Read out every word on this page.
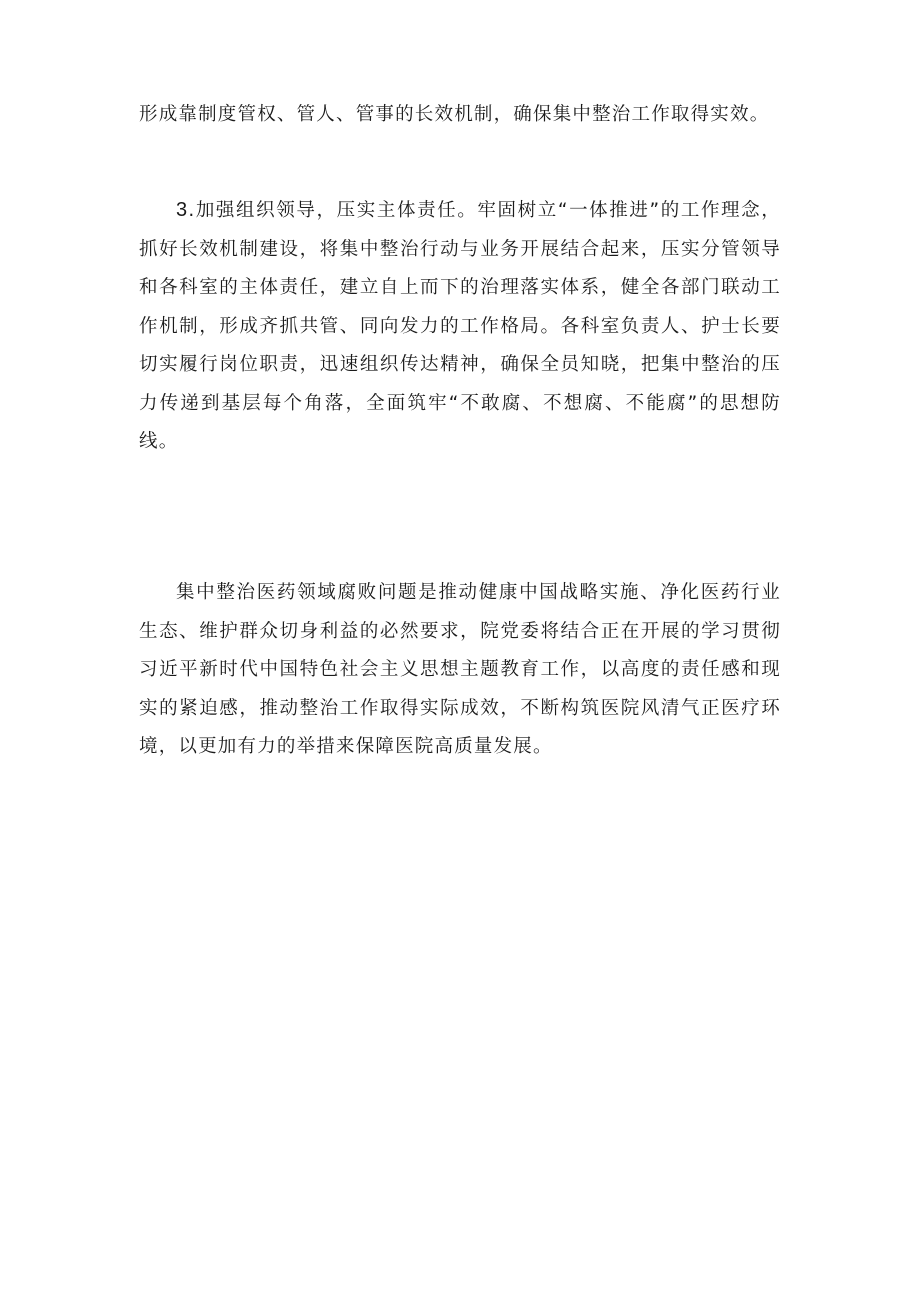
形成靠制度管权、管人、管事的长效机制，确保集中整治工作取得实效。

3.加强组织领导，压实主体责任。牢固树立“一体推进”的工作理念，抓好长效机制建设，将集中整治行动与业务开展结合起来，压实分管领导和各科室的主体责任，建立自上而下的治理落实体系，健全各部门联动工作机制，形成齐抓共管、同向发力的工作格局。各科室负责人、护士长要切实履行岗位职责，迅速组织传达精神，确保全员知晓，把集中整治的压力传递到基层每个角落，全面筑牢“不敢腐、不想腐、不能腐”的思想防线。

集中整治医药领域腐败问题是推动健康中国战略实施、净化医药行业生态、维护群众切身利益的必然要求，院党委将结合正在开展的学习贯彻习近平新时代中国特色社会主义思想主题教育工作，以高度的责任感和现实的紧迫感，推动整治工作取得实际成效，不断构筑医院风清气正医疗环境，以更加有力的举措来保障医院高质量发展。
